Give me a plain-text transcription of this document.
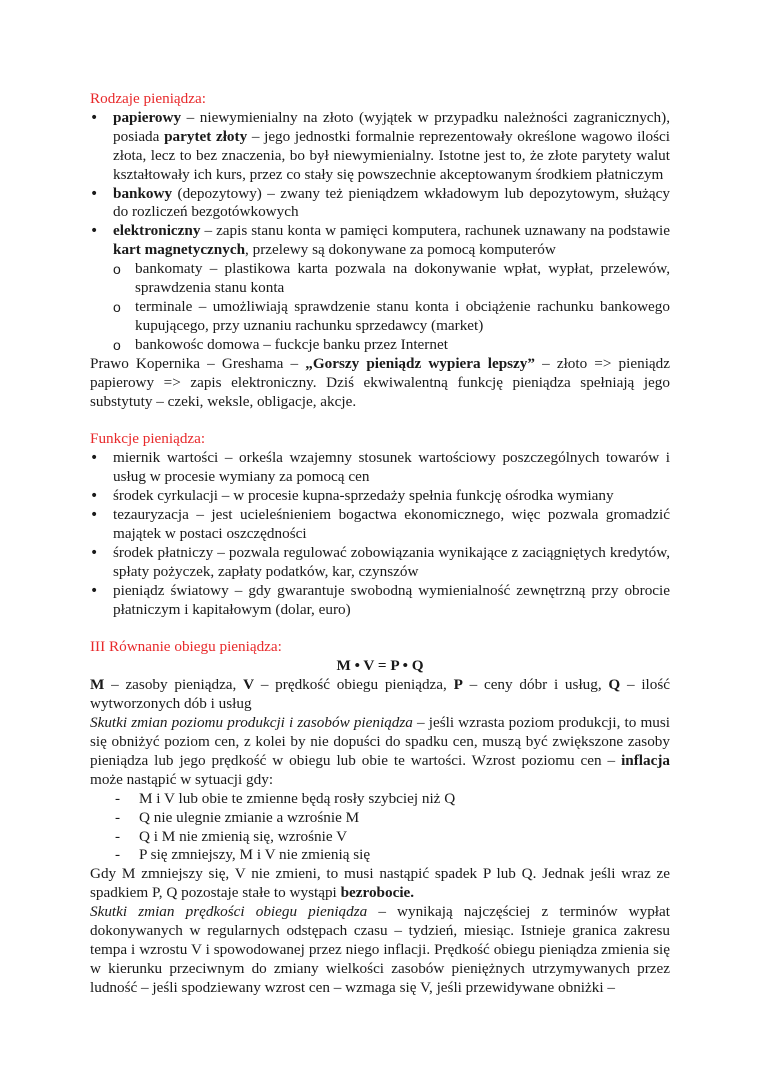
Rodzaje pieniądza:
•
papierowy – niewymienialny na złoto (wyjątek w przypadku należności zagranicznych), posiada parytet złoty – jego jednostki formalnie reprezentowały określone wagowo ilości złota, lecz to bez znaczenia, bo był niewymienialny. Istotne jest to, że złote parytety walut kształtowały ich kurs, przez co stały się powszechnie akceptowanym środkiem płatniczym
•
bankowy (depozytowy) – zwany też pieniądzem wkładowym lub depozytowym, służący do rozliczeń bezgotówkowych
•
elektroniczny – zapis stanu konta w pamięci komputera, rachunek uznawany na podstawie kart magnetycznych, przelewy są dokonywane za pomocą komputerów
o bankomaty – plastikowa karta pozwala na dokonywanie wpłat, wypłat, przelewów, sprawdzenia stanu konta
o terminale – umożliwiają sprawdzenie stanu konta i obciążenie rachunku bankowego kupującego, przy uznaniu rachunku sprzedawcy (market)
o bankowośc domowa – fuckcje banku przez Internet
Prawo Kopernika – Greshama – „Gorszy pieniądz wypiera lepszy” – złoto => pieniądz papierowy => zapis elektroniczny. Dziś ekwiwalentną funkcję pieniądza spełniają jego substytuty – czeki, weksle, obligacje, akcje.
Funkcje pieniądza:
•
miernik wartości – orkeśla wzajemny stosunek wartościowy poszczególnych towarów i usług w procesie wymiany za pomocą cen
•
środek cyrkulacji – w procesie kupna-sprzedaży spełnia funkcję ośrodka wymiany
•
tezauryzacja – jest ucieleśnieniem bogactwa ekonomicznego, więc pozwala gromadzić majątek w postaci oszczędności
•
środek płatniczy – pozwala regulować zobowiązania wynikające z zaciągniętych kredytów, spłaty pożyczek, zapłaty podatków, kar, czynszów
•
pieniądz światowy – gdy gwarantuje swobodną wymienialność zewnętrzną przy obrocie płatniczym i kapitałowym (dolar, euro)
III Równanie obiegu pieniądza:
M • V = P • Q
M – zasoby pieniądza, V – prędkość obiegu pieniądza, P – ceny dóbr i usług, Q – ilość wytworzonych dób i usług
Skutki zmian poziomu produkcji i zasobów pieniądza – jeśli wzrasta poziom produkcji, to musi się obniżyć poziom cen, z kolei by nie dopuści do spadku cen, muszą być zwiększone zasoby pieniądza lub jego prędkość w obiegu lub obie te wartości. Wzrost poziomu cen – inflacja może nastąpić w sytuacji gdy:
- M i V lub obie te zmienne będą rosły szybciej niż Q
- Q nie ulegnie zmianie a wzrośnie M
- Q i M nie zmienią się, wzrośnie V
- P się zmniejszy, M i V nie zmienią się
Gdy M zmniejszy się, V nie zmieni, to musi nastąpić spadek P lub Q. Jednak jeśli wraz ze spadkiem P, Q pozostaje stałe to wystąpi bezrobocie.
Skutki zmian prędkości obiegu pieniądza – wynikają najczęściej z terminów wypłat dokonywanych w regularnych odstępach czasu – tydzień, miesiąc. Istnieje granica zakresu tempa i wzrostu V i spowodowanej przez niego inflacji. Prędkość obiegu pieniądza zmienia się w kierunku przeciwnym do zmiany wielkości zasobów pieniężnych utrzymywanych przez ludność – jeśli spodziewany wzrost cen – wzmaga się V, jeśli przewidywane obniżki –
